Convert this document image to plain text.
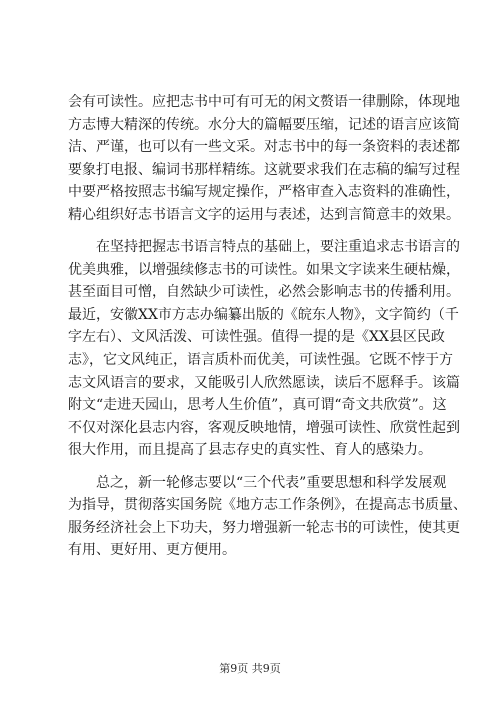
会有可读性。应把志书中可有可无的闲文赘语一律删除，体现地
方志博大精深的传统。水分大的篇幅要压缩，记述的语言应该简
洁、严谨，也可以有一些文采。对志书中的每一条资料的表述都
要象打电报、编词书那样精练。这就要求我们在志稿的编写过程
中要严格按照志书编写规定操作，严格审查入志资料的准确性，
精心组织好志书语言文字的运用与表述，达到言简意丰的效果。
在坚持把握志书语言特点的基础上，要注重追求志书语言的
优美典雅，以增强续修志书的可读性。如果文字读来生硬枯燥，
甚至面目可憎，自然缺少可读性，必然会影响志书的传播利用。
最近，安徽XX市方志办编纂出版的《皖东人物》，文字简约（千
字左右）、文风活泼、可读性强。值得一提的是《XX县区民政
志》，它文风纯正，语言质朴而优美，可读性强。它既不悖于方
志文风语言的要求，又能吸引人欣然愿读，读后不愿释手。该篇
附文“走进天园山，思考人生价值”，真可谓“奇文共欣赏”。这
不仅对深化县志内容，客观反映地情，增强可读性、欣赏性起到
很大作用，而且提高了县志存史的真实性、育人的感染力。
总之，新一轮修志要以“三个代表”重要思想和科学发展观
为指导，贯彻落实国务院《地方志工作条例》，在提高志书质量、
服务经济社会上下功夫，努力增强新一轮志书的可读性，使其更
有用、更好用、更方便用。
第9页 共9页
